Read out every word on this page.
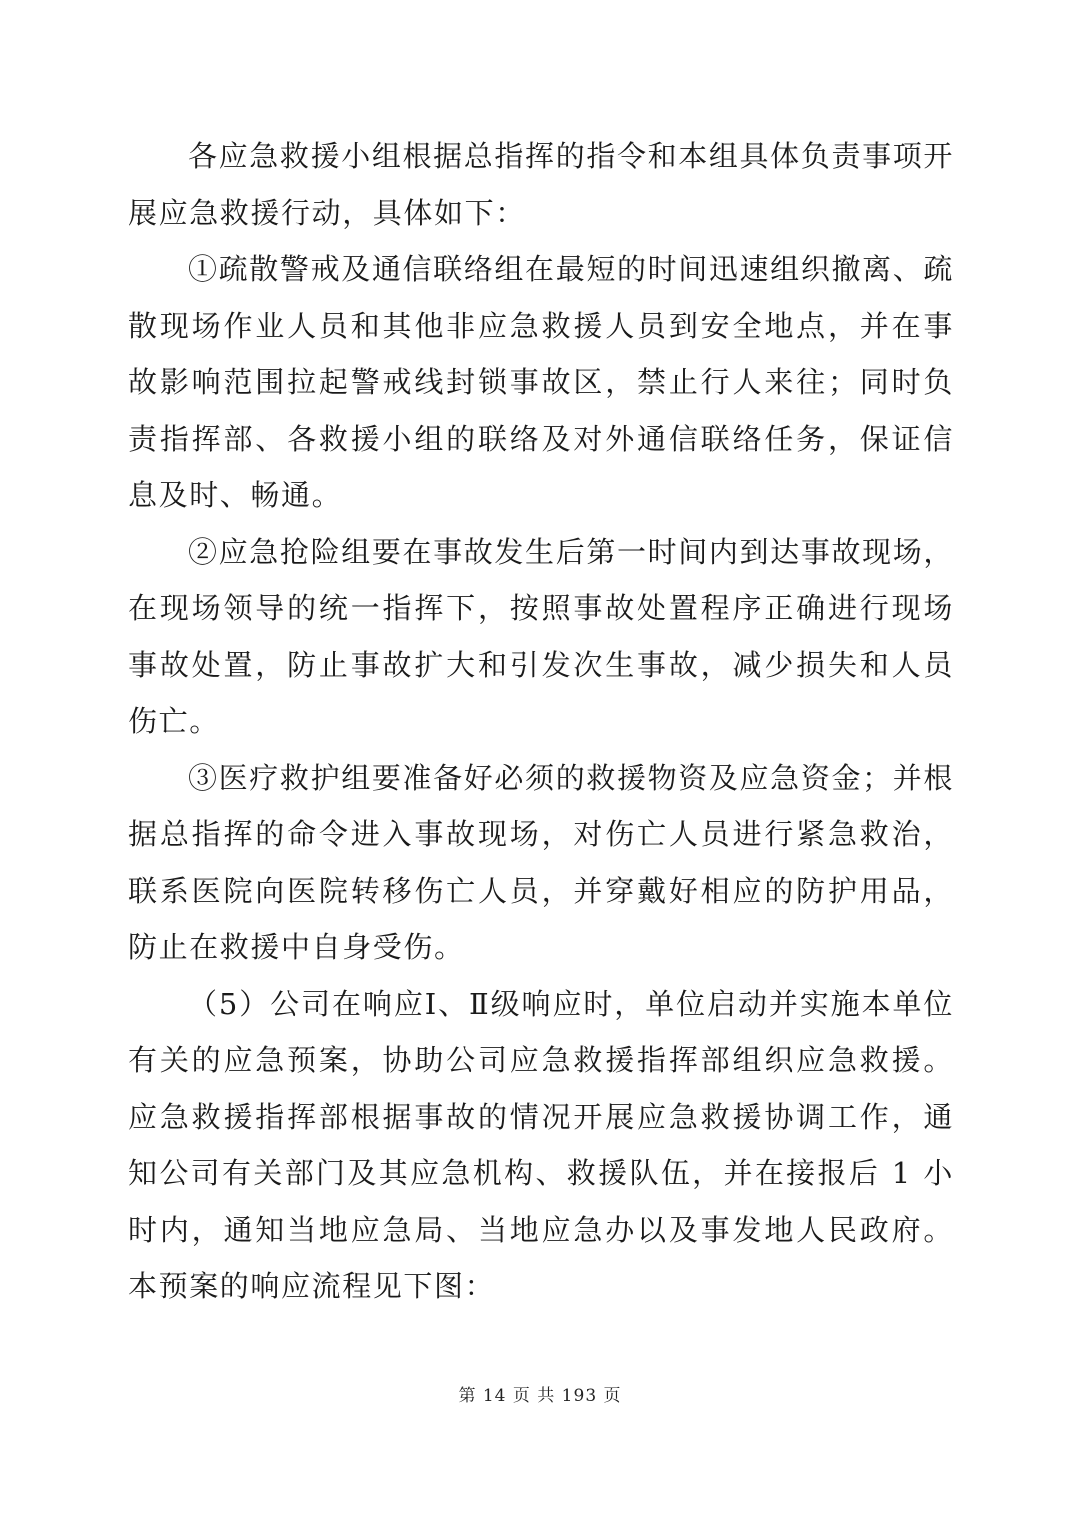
各应急救援小组根据总指挥的指令和本组具体负责事项开展应急救援行动，具体如下：

①疏散警戒及通信联络组在最短的时间迅速组织撤离、疏散现场作业人员和其他非应急救援人员到安全地点，并在事故影响范围拉起警戒线封锁事故区，禁止行人来往；同时负责指挥部、各救援小组的联络及对外通信联络任务，保证信息及时、畅通。

②应急抢险组要在事故发生后第一时间内到达事故现场，在现场领导的统一指挥下，按照事故处置程序正确进行现场事故处置，防止事故扩大和引发次生事故，减少损失和人员伤亡。

③医疗救护组要准备好必须的救援物资及应急资金；并根据总指挥的命令进入事故现场，对伤亡人员进行紧急救治，联系医院向医院转移伤亡人员，并穿戴好相应的防护用品，防止在救援中自身受伤。

（5）公司在响应Ⅰ、Ⅱ级响应时，单位启动并实施本单位有关的应急预案，协助公司应急救援指挥部组织应急救援。应急救援指挥部根据事故的情况开展应急救援协调工作，通知公司有关部门及其应急机构、救援队伍，并在接报后 1 小时内，通知当地应急局、当地应急办以及事发地人民政府。本预案的响应流程见下图：

第 14 页 共 193 页
